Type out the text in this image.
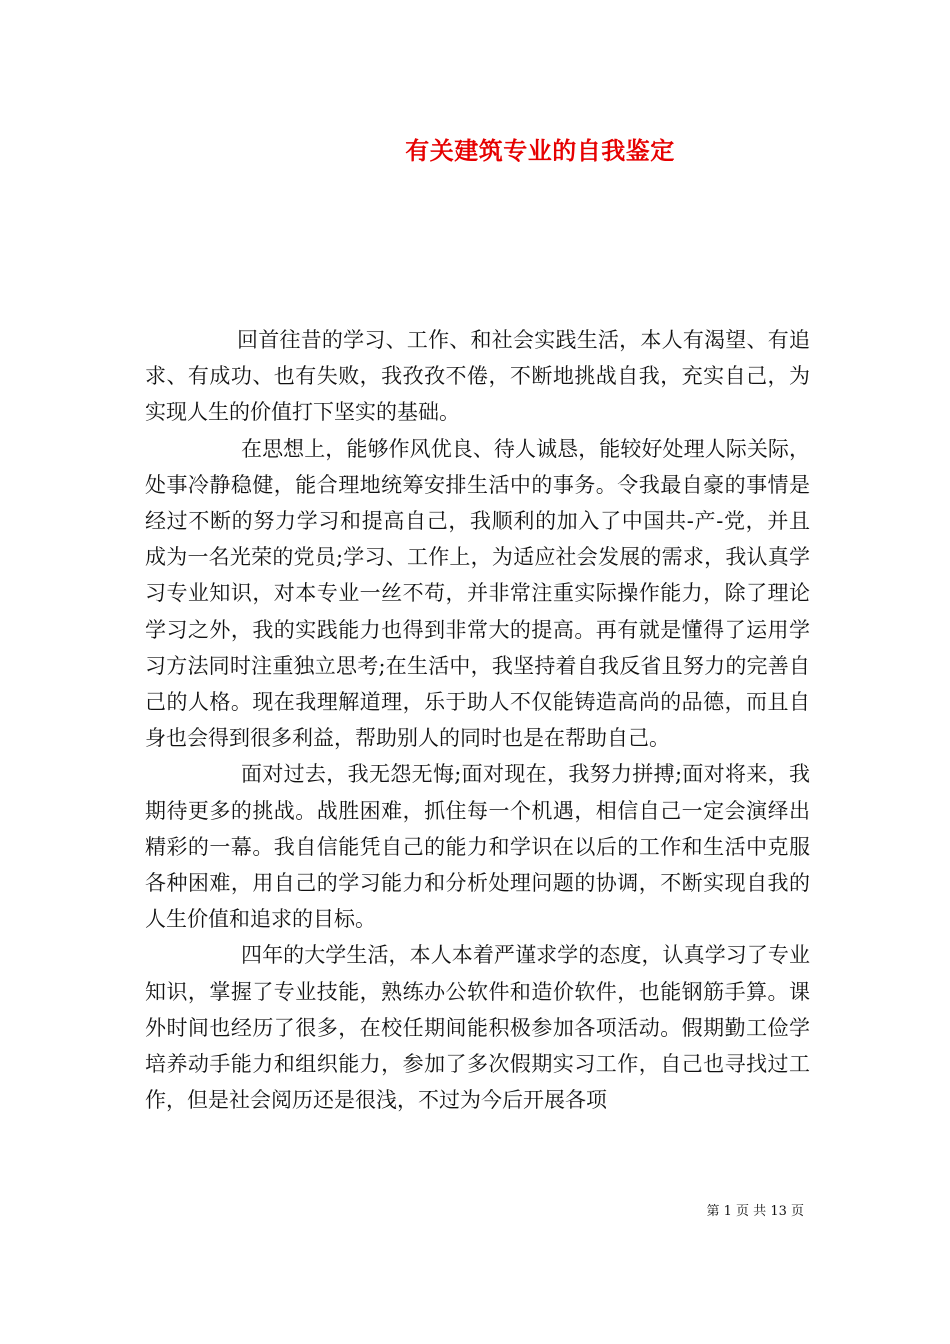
有关建筑专业的自我鉴定

回首往昔的学习、工作、和社会实践生活，本人有渴望、有追求、有成功、也有失败，我孜孜不倦，不断地挑战自我，充实自己，为实现人生的价值打下坚实的基础。

在思想上，能够作风优良、待人诚恳，能较好处理人际关际，处事冷静稳健，能合理地统筹安排生活中的事务。令我最自豪的事情是经过不断的努力学习和提高自己，我顺利的加入了中国共-产-党，并且成为一名光荣的党员;学习、工作上，为适应社会发展的需求，我认真学习专业知识，对本专业一丝不苟，并非常注重实际操作能力，除了理论学习之外，我的实践能力也得到非常大的提高。再有就是懂得了运用学习方法同时注重独立思考;在生活中，我坚持着自我反省且努力的完善自己的人格。现在我理解道理，乐于助人不仅能铸造高尚的品德，而且自身也会得到很多利益，帮助别人的同时也是在帮助自己。

面对过去，我无怨无悔;面对现在，我努力拼搏;面对将来，我期待更多的挑战。战胜困难，抓住每一个机遇，相信自己一定会演绎出精彩的一幕。我自信能凭自己的能力和学识在以后的工作和生活中克服各种困难，用自己的学习能力和分析处理问题的协调，不断实现自我的人生价值和追求的目标。

四年的大学生活，本人本着严谨求学的态度，认真学习了专业知识，掌握了专业技能，熟练办公软件和造价软件，也能钢筋手算。课外时间也经历了很多，在校任期间能积极参加各项活动。假期勤工俭学培养动手能力和组织能力，参加了多次假期实习工作，自己也寻找过工作，但是社会阅历还是很浅，不过为今后开展各项

第 1 页 共 13 页
